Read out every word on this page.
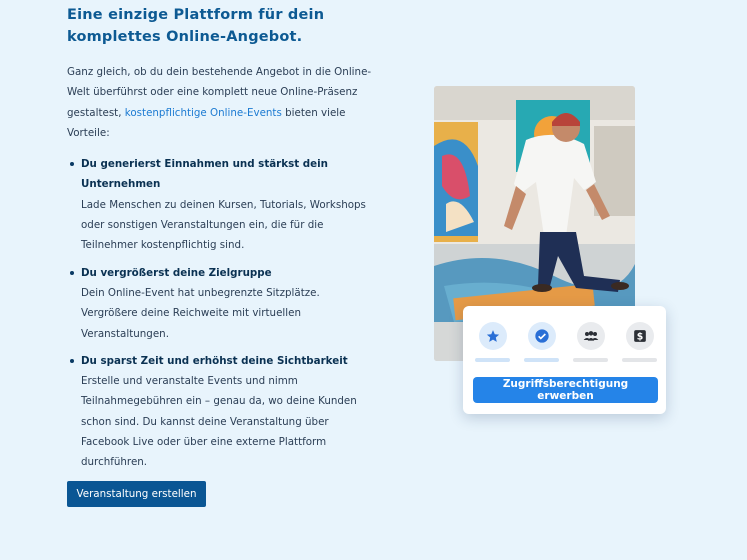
Eine einzige Plattform für dein
komplettes Online-Angebot.

Ganz gleich, ob du dein bestehende Angebot in die Online-Welt überführst oder eine komplett neue Online-Präsenz gestaltest, kostenpflichtige Online-Events bieten viele Vorteile:

Du generierst Einnahmen und stärkst dein Unternehmen
Lade Menschen zu deinen Kursen, Tutorials, Workshops oder sonstigen Veranstaltungen ein, die für die Teilnehmer kostenpflichtig sind.
Du vergrößerst deine Zielgruppe
Dein Online-Event hat unbegrenzte Sitzplätze. Vergrößere deine Reichweite mit virtuellen Veranstaltungen.
Du sparst Zeit und erhöhst deine Sichtbarkeit
Erstelle und veranstalte Events und nimm Teilnahmegebühren ein – genau da, wo deine Kunden schon sind. Du kannst deine Veranstaltung über Facebook Live oder über eine externe Plattform durchführen.
Veranstaltung erstellen
$
Zugriffsberechtigung erwerben
